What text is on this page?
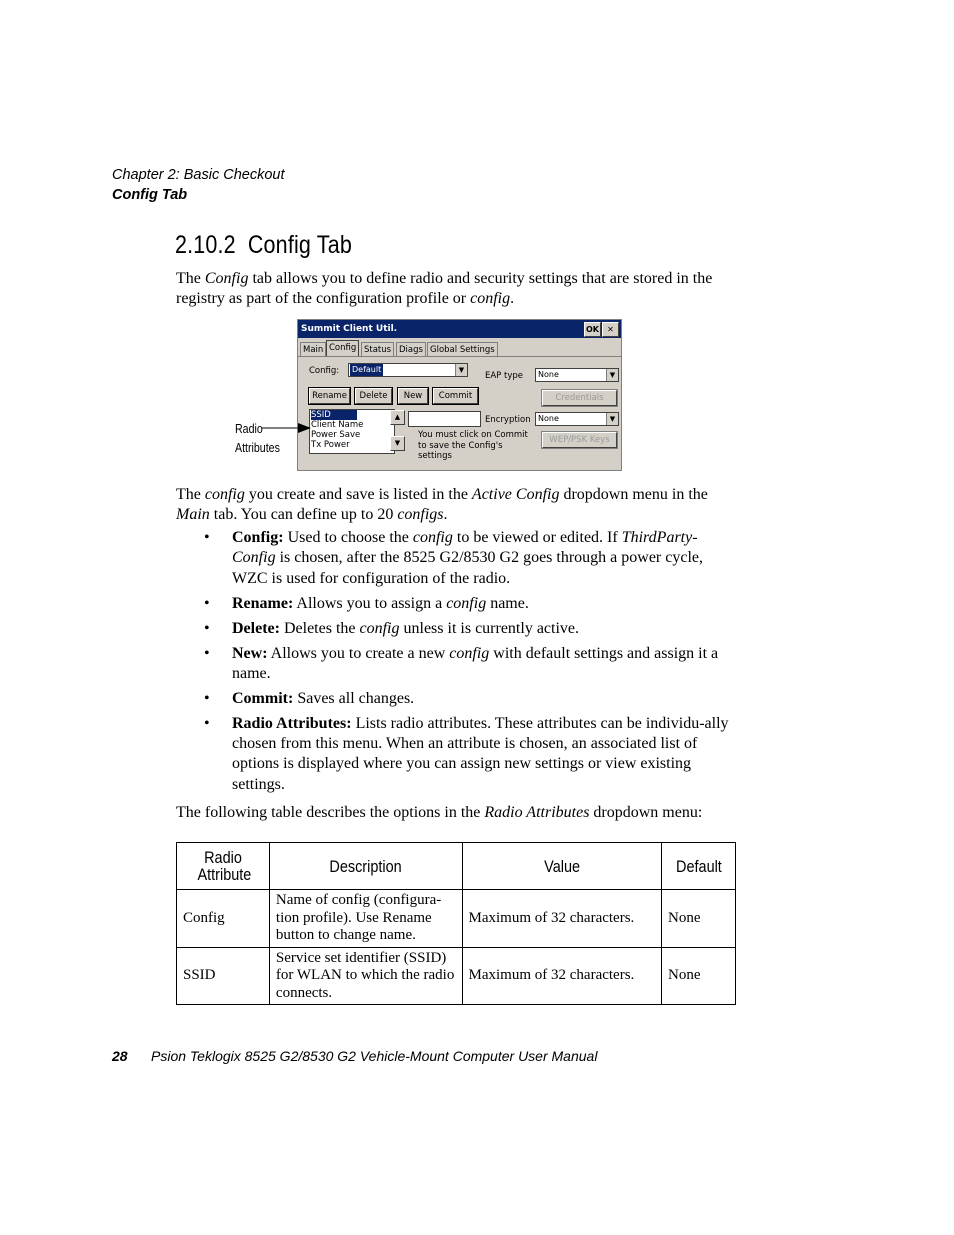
Chapter 2: Basic Checkout
Config Tab
2.10.2 Config Tab
The Config tab allows you to define radio and security settings that are stored in the registry as part of the configuration profile or config.
Summit Client Util.	OK	✕
Main Config Status Diags Global Settings
Config: Default	▼
Rename	Delete	New	Commit
SSID
Client Name
Power Save
Tx Power
▲
▼
You must click on Commit to save the Config's settings
EAP type None	▼
Credentials
Encryption None	▼
WEP/PSK Keys
Radio
Attributes
The config you create and save is listed in the Active Config dropdown menu in the Main tab. You can define up to 20 configs.
• Config: Used to choose the config to be viewed or edited. If ThirdParty-Config is chosen, after the 8525 G2/8530 G2 goes through a power cycle, WZC is used for configuration of the radio.
• Rename: Allows you to assign a config name.
• Delete: Deletes the config unless it is currently active.
• New: Allows you to create a new config with default settings and assign it a name.
• Commit: Saves all changes.
• Radio Attributes: Lists radio attributes. These attributes can be individu-ally chosen from this menu. When an attribute is chosen, an associated list of options is displayed where you can assign new settings or view existing settings.
The following table describes the options in the Radio Attributes dropdown menu:
Radio Attribute	Description	Value	Default
Config	Name of config (configura-tion profile). Use Rename button to change name.	Maximum of 32 characters.	None
SSID	Service set identifier (SSID) for WLAN to which the radio connects.	Maximum of 32 characters.	None
28 Psion Teklogix 8525 G2/8530 G2 Vehicle-Mount Computer User Manual
